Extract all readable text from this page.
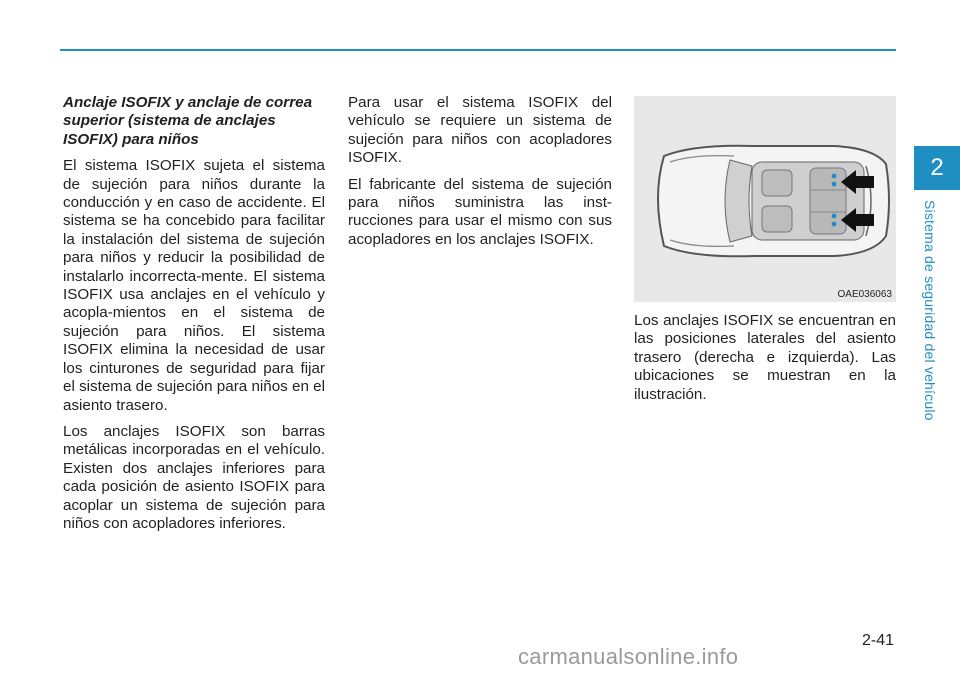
2
Sistema de seguridad del vehículo

Anclaje ISOFIX y anclaje de correa superior (sistema de anclajes ISOFIX) para niños

El sistema ISOFIX sujeta el sistema de sujeción para niños durante la conducción y en caso de accidente. El sistema se ha concebido para facilitar la instalación del sistema de sujeción para niños y reducir la posibilidad de instalarlo incorrecta-mente. El sistema ISOFIX usa anclajes en el vehículo y acopla-mientos en el sistema de sujeción para niños. El sistema ISOFIX elimina la necesidad de usar los cinturones de seguridad para fijar el sistema de sujeción para niños en el asiento trasero.

Los anclajes ISOFIX son barras metálicas incorporadas en el vehículo. Existen dos anclajes inferiores para cada posición de asiento ISOFIX para acoplar un sistema de sujeción para niños con acopladores inferiores.

Para usar el sistema ISOFIX del vehículo se requiere un sistema de sujeción para niños con acopladores ISOFIX.

El fabricante del sistema de sujeción para niños suministra las inst-rucciones para usar el mismo con sus acopladores en los anclajes ISOFIX.

OAE036063

Los anclajes ISOFIX se encuentran en las posiciones laterales del asiento trasero (derecha e izquierda). Las ubicaciones se muestran en la ilustración.

2-41
carmanualsonline.info
